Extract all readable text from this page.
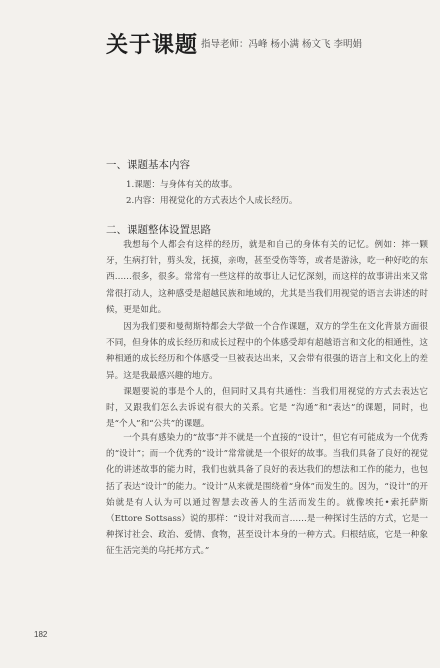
关于课题 指导老师：冯峰 杨小满 杨文飞 李明娟
一、课题基本内容
1.课题：与身体有关的故事。
2.内容：用视觉化的方式表达个人成长经历。
二、课题整体设置思路

我想每个人都会有这样的经历，就是和自己的身体有关的记忆。例如：摔一颗牙，生病打针，剪头发，抚摸，亲吻，甚至受伤等等，或者是游泳，吃一种好吃的东西……很多，很多。常常有一些这样的故事让人记忆深刻，而这样的故事讲出来又常常很打动人，这种感受是超越民族和地域的，尤其是当我们用视觉的语言去讲述的时候，更是如此。

因为我们要和曼彻斯特都会大学做一个合作课题，双方的学生在文化背景方面很不同，但身体的成长经历和成长过程中的个体感受却有超越语言和文化的相通性，这种相通的成长经历和个体感受一旦被表达出来，又会带有很强的语言上和文化上的差异。这是我最感兴趣的地方。

课题要说的事是个人的，但同时又具有共通性：当我们用视觉的方式去表达它时，又跟我们怎么去诉说有很大的关系。它是 “沟通”和“表达”的课题，同时，也是“个人”和“公共”的课题。

一个具有感染力的“故事”并不就是一个直接的“设计”，但它有可能成为一个优秀的“设计”；而一个优秀的“设计”常常就是一个很好的故事。当我们具备了良好的视觉化的讲述故事的能力时，我们也就具备了良好的表达我们的想法和工作的能力，也包括了表达“设计”的能力。“设计”从来就是围绕着“身体”而发生的。因为，“设计”的开始就是有人认为可以通过智慧去改善人的生活而发生的。就像埃托•索托萨斯（Ettore Sottsass）说的那样：“设计对我而言……是一种探讨生活的方式，它是一种探讨社会、政治、爱情、食物，甚至设计本身的一种方式。归根结底，它是一种象征生活完美的乌托邦方式。”

182
